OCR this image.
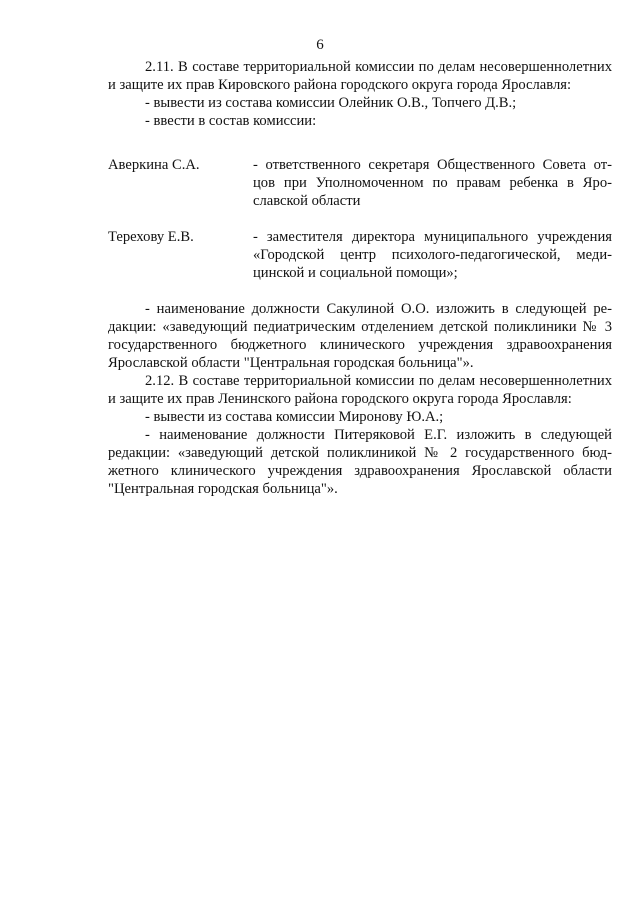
6
2.11. В составе территориальной комиссии по делам несовершеннолетних
и защите их прав Кировского района городского округа города Ярославля:
- вывести из состава комиссии Олейник О.В., Топчего Д.В.;
- ввести в состав комиссии:
Аверкина С.А.	- ответственного секретаря Общественного Совета от-
цов при Уполномоченном по правам ребенка в Яро-
славской области
Терехову Е.В.	- заместителя директора муниципального учреждения
«Городской центр психолого-педагогической, меди-
цинской и социальной помощи»;
- наименование должности Сакулиной О.О. изложить в следующей ре-
дакции: «заведующий педиатрическим отделением детской поликлиники № 3
государственного бюджетного клинического учреждения здравоохранения
Ярославской области "Центральная городская больница"».
2.12. В составе территориальной комиссии по делам несовершеннолетних
и защите их прав Ленинского района городского округа города Ярославля:
- вывести из состава комиссии Миронову Ю.А.;
- наименование должности Питеряковой Е.Г. изложить в следующей
редакции: «заведующий детской поликлиникой № 2 государственного бюд-
жетного клинического учреждения здравоохранения Ярославской области
"Центральная городская больница"».
